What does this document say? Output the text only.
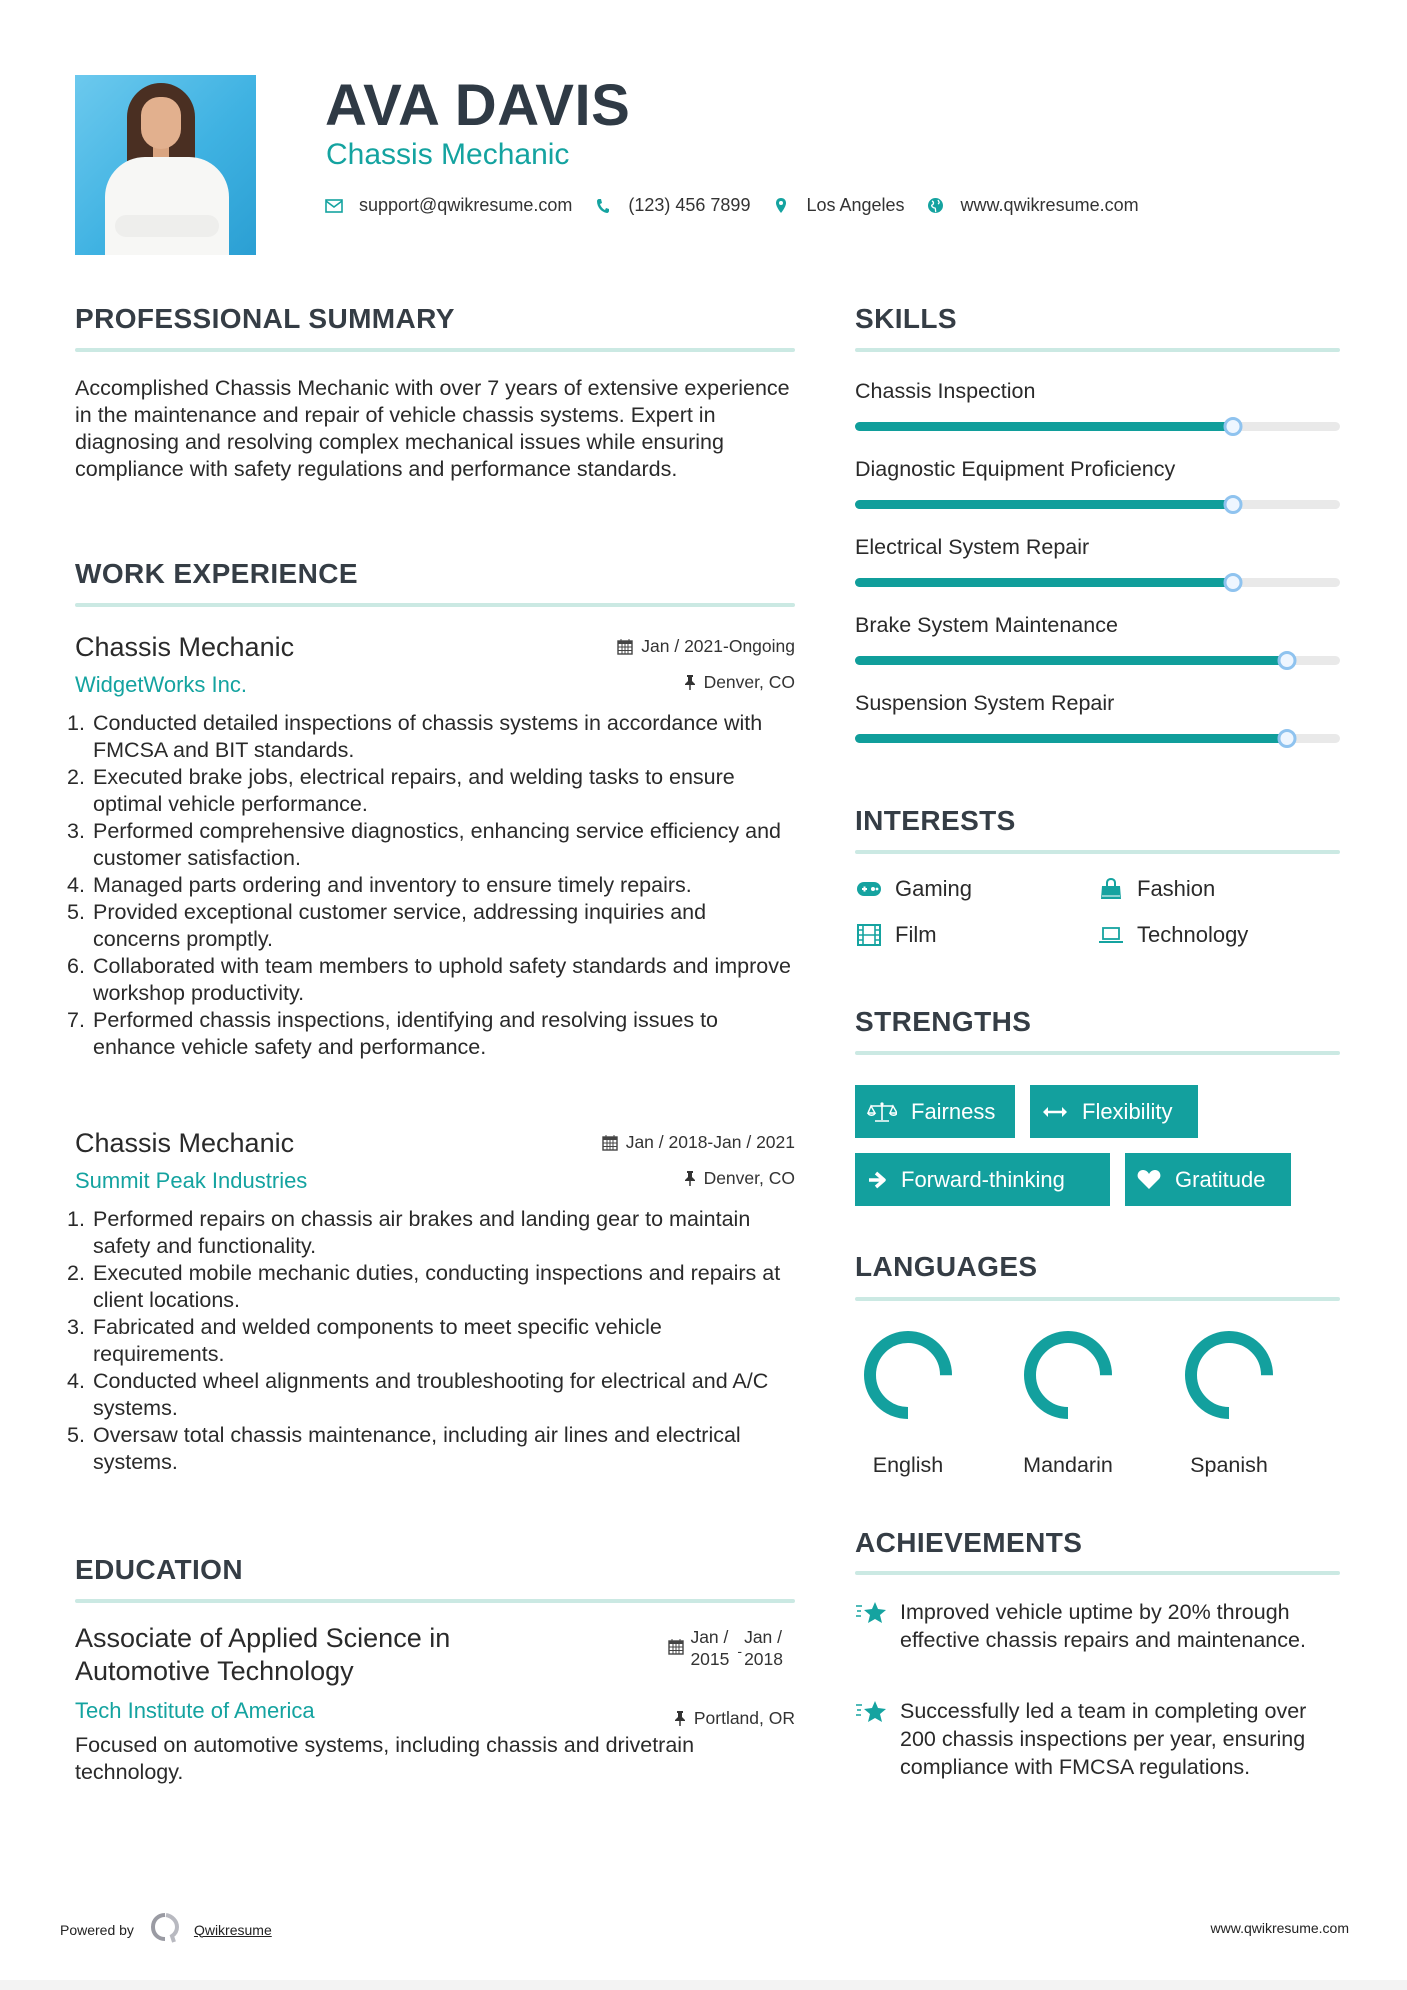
AVA DAVIS
Chassis Mechanic
support@qwikresume.com	(123) 456 7899	Los Angeles	www.qwikresume.com
PROFESSIONAL SUMMARY
Accomplished Chassis Mechanic with over 7 years of extensive experience in the maintenance and repair of vehicle chassis systems. Expert in diagnosing and resolving complex mechanical issues while ensuring compliance with safety regulations and performance standards.
WORK EXPERIENCE
Chassis Mechanic
WidgetWorks Inc.
Jan / 2021-Ongoing
Denver, CO
1. Conducted detailed inspections of chassis systems in accordance with FMCSA and BIT standards.
2. Executed brake jobs, electrical repairs, and welding tasks to ensure optimal vehicle performance.
3. Performed comprehensive diagnostics, enhancing service efficiency and customer satisfaction.
4. Managed parts ordering and inventory to ensure timely repairs.
5. Provided exceptional customer service, addressing inquiries and concerns promptly.
6. Collaborated with team members to uphold safety standards and improve workshop productivity.
7. Performed chassis inspections, identifying and resolving issues to enhance vehicle safety and performance.
Chassis Mechanic
Summit Peak Industries
Jan / 2018-Jan / 2021
Denver, CO
1. Performed repairs on chassis air brakes and landing gear to maintain safety and functionality.
2. Executed mobile mechanic duties, conducting inspections and repairs at client locations.
3. Fabricated and welded components to meet specific vehicle requirements.
4. Conducted wheel alignments and troubleshooting for electrical and A/C systems.
5. Oversaw total chassis maintenance, including air lines and electrical systems.
EDUCATION
Associate of Applied Science in Automotive Technology
Tech Institute of America
Focused on automotive systems, including chassis and drivetrain technology.
Jan /
2015 -
Jan /
2018
Portland, OR
SKILLS
Chassis Inspection
Diagnostic Equipment Proficiency
Electrical System Repair
Brake System Maintenance
Suspension System Repair
INTERESTS
Gaming	Fashion
Film	Technology
STRENGTHS
Fairness	Flexibility
Forward-thinking	Gratitude
LANGUAGES
English	Mandarin	Spanish
ACHIEVEMENTS
Improved vehicle uptime by 20% through effective chassis repairs and maintenance.
Successfully led a team in completing over 200 chassis inspections per year, ensuring compliance with FMCSA regulations.
Powered by	Qwikresume	www.qwikresume.com
